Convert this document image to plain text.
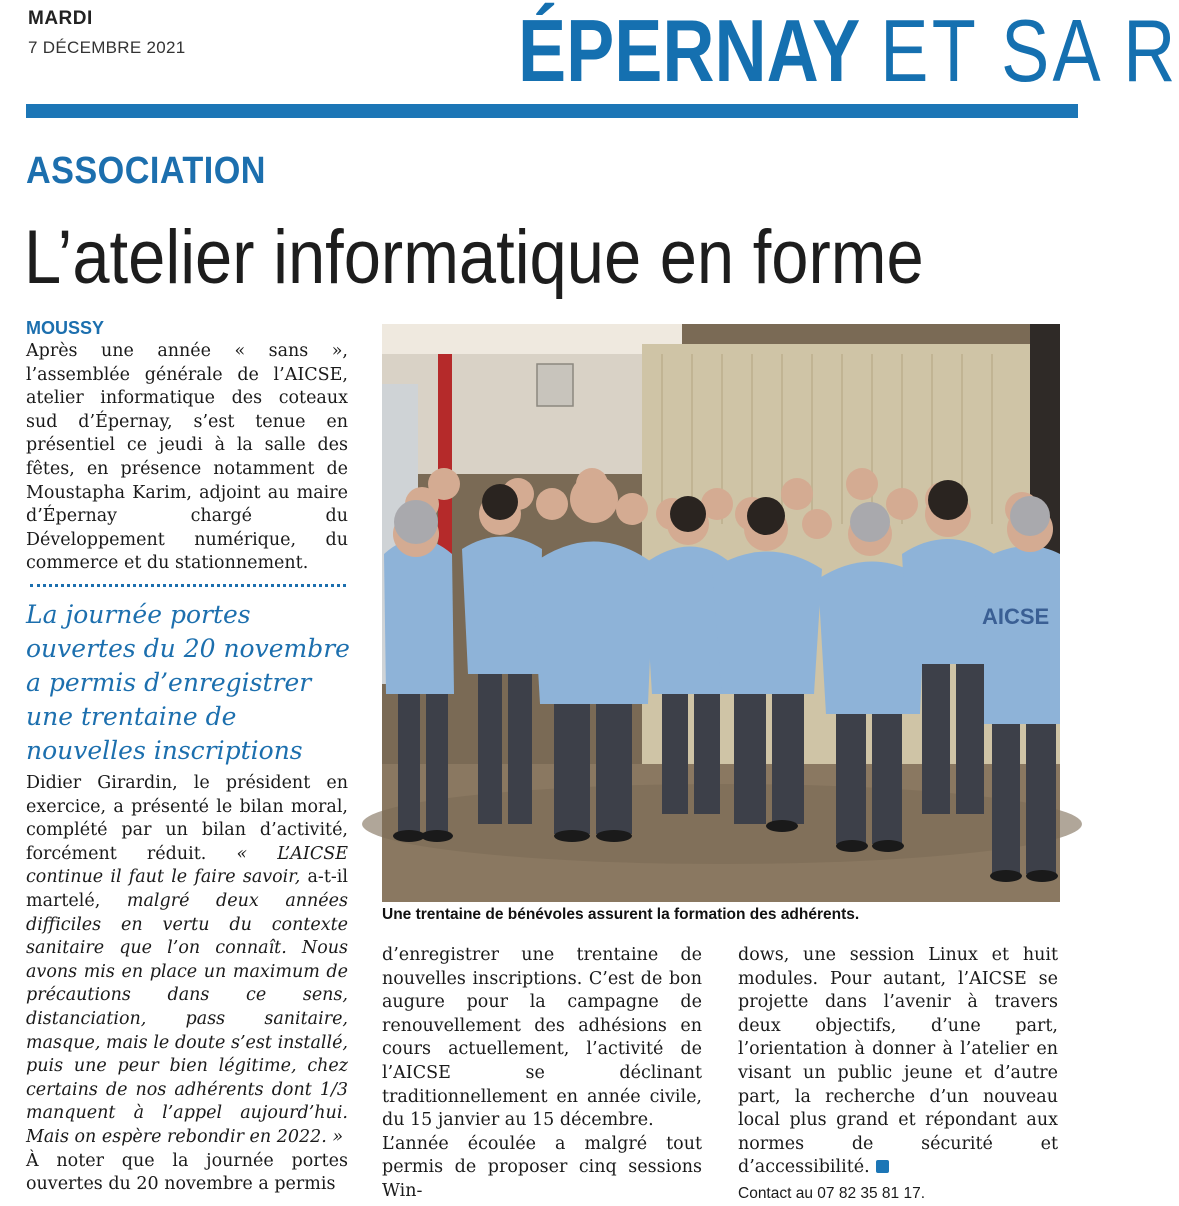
MARDI
7 DÉCEMBRE 2021	ÉPERNAY ET SA R
ASSOCIATION
L’atelier informatique en forme
MOUSSY

Après une année « sans », l’assemblée générale de l’AICSE, atelier informatique des coteaux sud d’Épernay, s’est tenue en présentiel ce jeudi à la salle des fêtes, en présence notamment de Moustapha Karim, adjoint au maire d’Épernay chargé du Développement numérique, du commerce et du stationnement.

La journée portes ouvertes du 20 novembre a permis d’enregistrer une trentaine de nouvelles inscriptions

Didier Girardin, le président en exercice, a présenté le bilan moral, complété par un bilan d’activité, forcément réduit. « L’AICSE continue il faut le faire savoir, a-t-il martelé, malgré deux années difficiles en vertu du contexte sanitaire que l’on connaît. Nous avons mis en place un maximum de précautions dans ce sens, distanciation, pass sanitaire, masque, mais le doute s’est installé, puis une peur bien légitime, chez certains de nos adhérents dont 1/3 manquent à l’appel aujourd’hui. Mais on espère rebondir en 2022. »

À noter que la journée portes ouvertes du 20 novembre a permis

AICSE
Une trentaine de bénévoles assurent la formation des adhérents.

d’enregistrer une trentaine de nouvelles inscriptions. C’est de bon augure pour la campagne de renouvellement des adhésions en cours actuellement, l’activité de l’AICSE se déclinant traditionnellement en année civile, du 15 janvier au 15 décembre.

L’année écoulée a malgré tout permis de proposer cinq sessions Win-

dows, une session Linux et huit modules. Pour autant, l’AICSE se projette dans l’avenir à travers deux objectifs, d’une part, l’orientation à donner à l’atelier en visant un public jeune et d’autre part, la recherche d’un nouveau local plus grand et répondant aux normes de sécurité et d’accessibilité.

Contact au 07 82 35 81 17.
